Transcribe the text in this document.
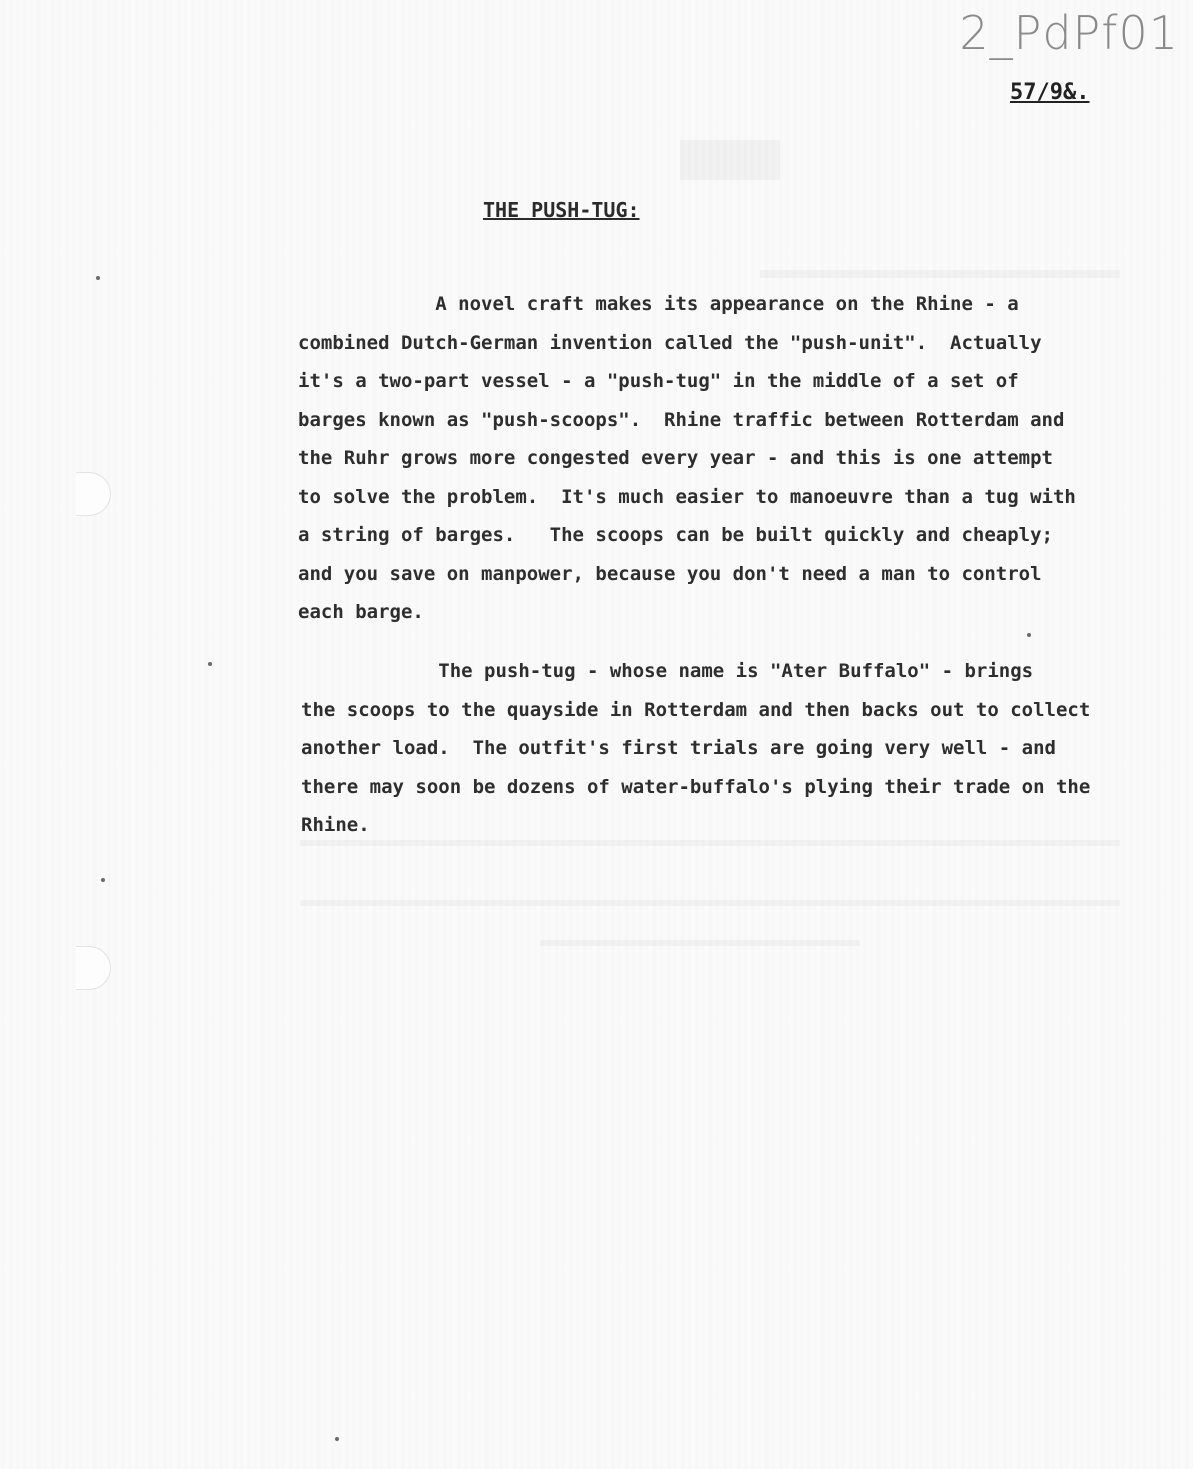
2_PdPf01
57/9&.
THE PUSH-TUG:
A novel craft makes its appearance on the Rhine - a
combined Dutch-German invention called the "push-unit".  Actually
it's a two-part vessel - a "push-tug" in the middle of a set of
barges known as "push-scoops".  Rhine traffic between Rotterdam and
the Ruhr grows more congested every year - and this is one attempt
to solve the problem.  It's much easier to manoeuvre than a tug with
a string of barges.   The scoops can be built quickly and cheaply;
and you save on manpower, because you don't need a man to control
each barge.
The push-tug - whose name is "Ater Buffalo" - brings
the scoops to the quayside in Rotterdam and then backs out to collect
another load.  The outfit's first trials are going very well - and
there may soon be dozens of water-buffalo's plying their trade on the
Rhine.
